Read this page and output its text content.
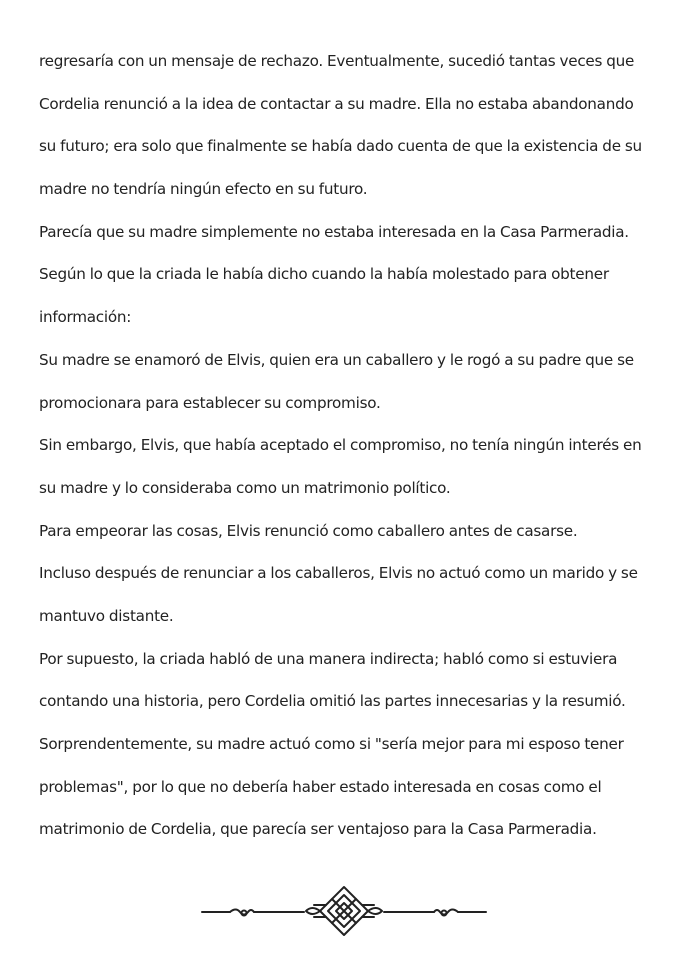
regresaría con un mensaje de rechazo. Eventualmente, sucedió tantas veces que
Cordelia renunció a la idea de contactar a su madre. Ella no estaba abandonando
su futuro; era solo que finalmente se había dado cuenta de que la existencia de su
madre no tendría ningún efecto en su futuro.
Parecía que su madre simplemente no estaba interesada en la Casa Parmeradia.
Según lo que la criada le había dicho cuando la había molestado para obtener
información:
Su madre se enamoró de Elvis, quien era un caballero y le rogó a su padre que se
promocionara para establecer su compromiso.
Sin embargo, Elvis, que había aceptado el compromiso, no tenía ningún interés en
su madre y lo consideraba como un matrimonio político.
Para empeorar las cosas, Elvis renunció como caballero antes de casarse.
Incluso después de renunciar a los caballeros, Elvis no actuó como un marido y se
mantuvo distante.
Por supuesto, la criada habló de una manera indirecta; habló como si estuviera
contando una historia, pero Cordelia omitió las partes innecesarias y la resumió.
Sorprendentemente, su madre actuó como si "sería mejor para mi esposo tener
problemas", por lo que no debería haber estado interesada en cosas como el
matrimonio de Cordelia, que parecía ser ventajoso para la Casa Parmeradia.
